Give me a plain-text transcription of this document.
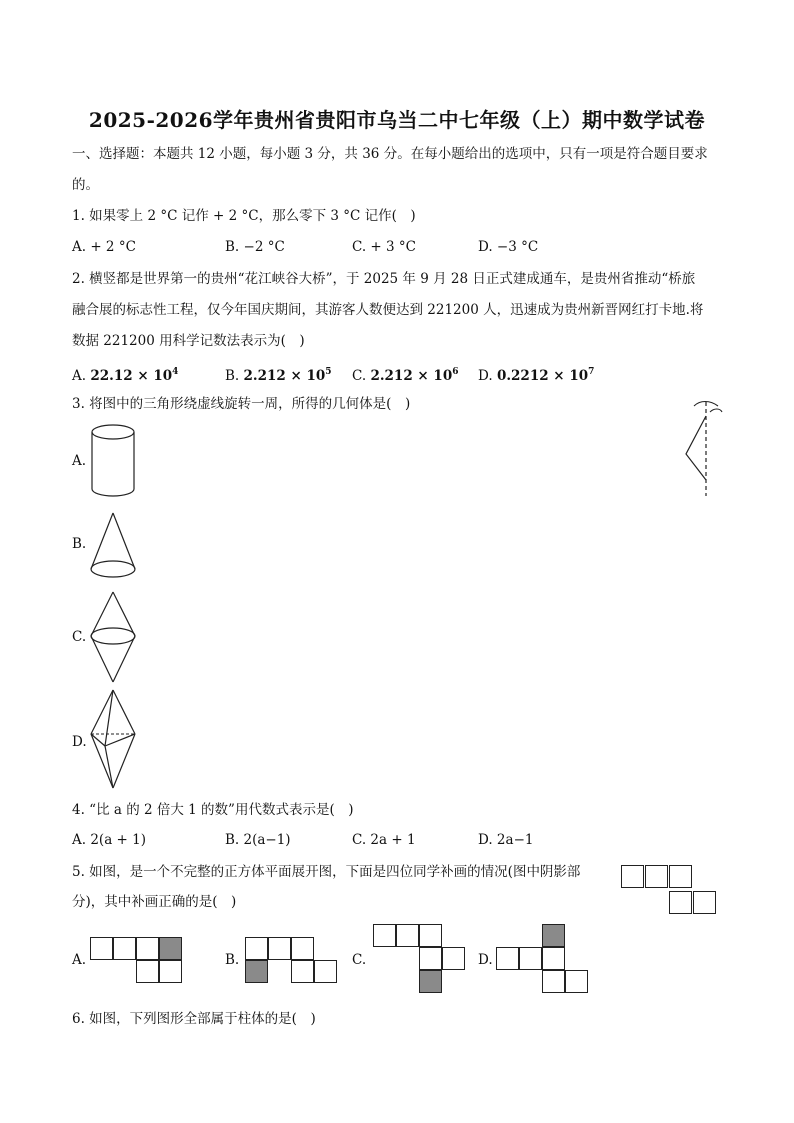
2025-2026学年贵州省贵阳市乌当二中七年级（上）期中数学试卷
一、选择题：本题共 12 小题，每小题 3 分，共 36 分。在每小题给出的选项中，只有一项是符合题目要求
的。
1. 如果零上 2 °C 记作 + 2 °C，那么零下 3 °C 记作(　)
A. + 2 °C	B. −2 °C	C. + 3 °C	D. −3 °C
2. 横竖都是世界第一的贵州“花江峡谷大桥”，于 2025 年 9 月 28 日正式建成通车，是贵州省推动“桥旅
融合展的标志性工程，仅今年国庆期间，其游客人数便达到 221200 人，迅速成为贵州新晋网红打卡地.将
数据 221200 用科学记数法表示为(　)
A. $22.12 \times 10^4$	B. $2.212 \times 10^5$ C. $2.212 \times 10^6$ D. $0.2212 \times 10^7$
3. 将图中的三角形绕虚线旋转一周，所得的几何体是(　)
A.
B.
C.
D.
4. “比 a 的 2 倍大 1 的数”用代数式表示是(　)
A. 2(a + 1)	B. 2(a−1)	C. 2a + 1	D. 2a−1
5. 如图，是一个不完整的正方体平面展开图，下面是四位同学补画的情况(图中阴影部
分)，其中补画正确的是(　)
A.	B.	C.	D.
6. 如图，下列图形全部属于柱体的是(　)
